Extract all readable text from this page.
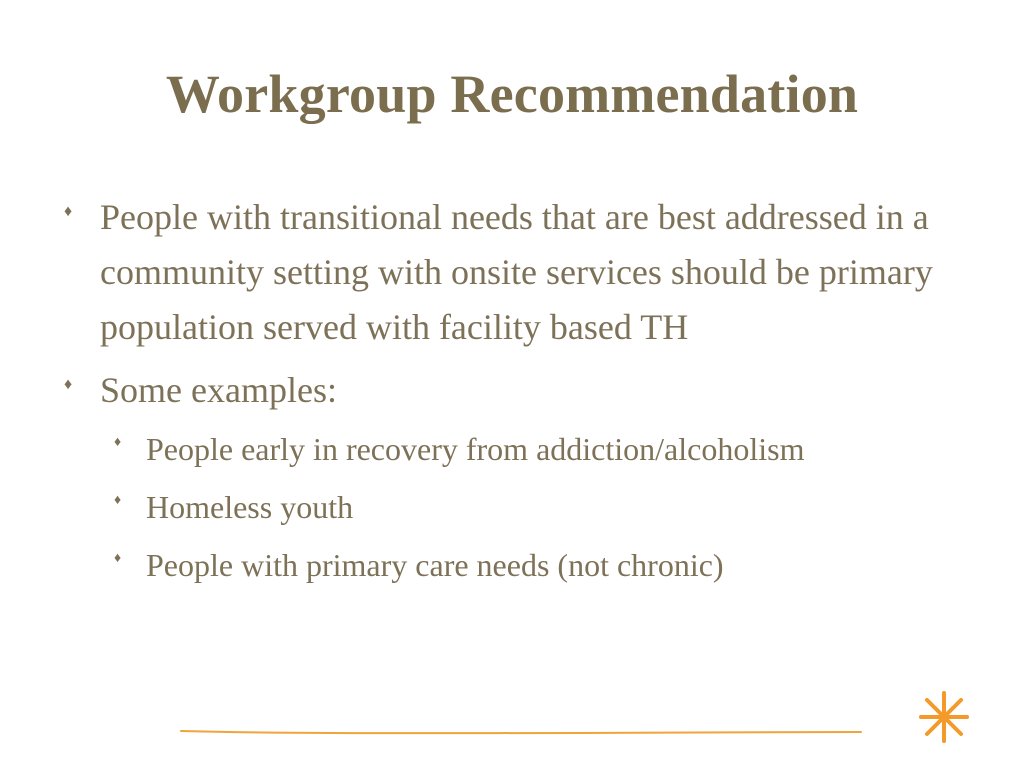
Workgroup Recommendation
♦ People with transitional needs that are best addressed in a community setting with onsite services should be primary population served with facility based TH
♦ Some examples:
♦ People early in recovery from addiction/alcoholism
♦ Homeless youth
♦ People with primary care needs (not chronic)
